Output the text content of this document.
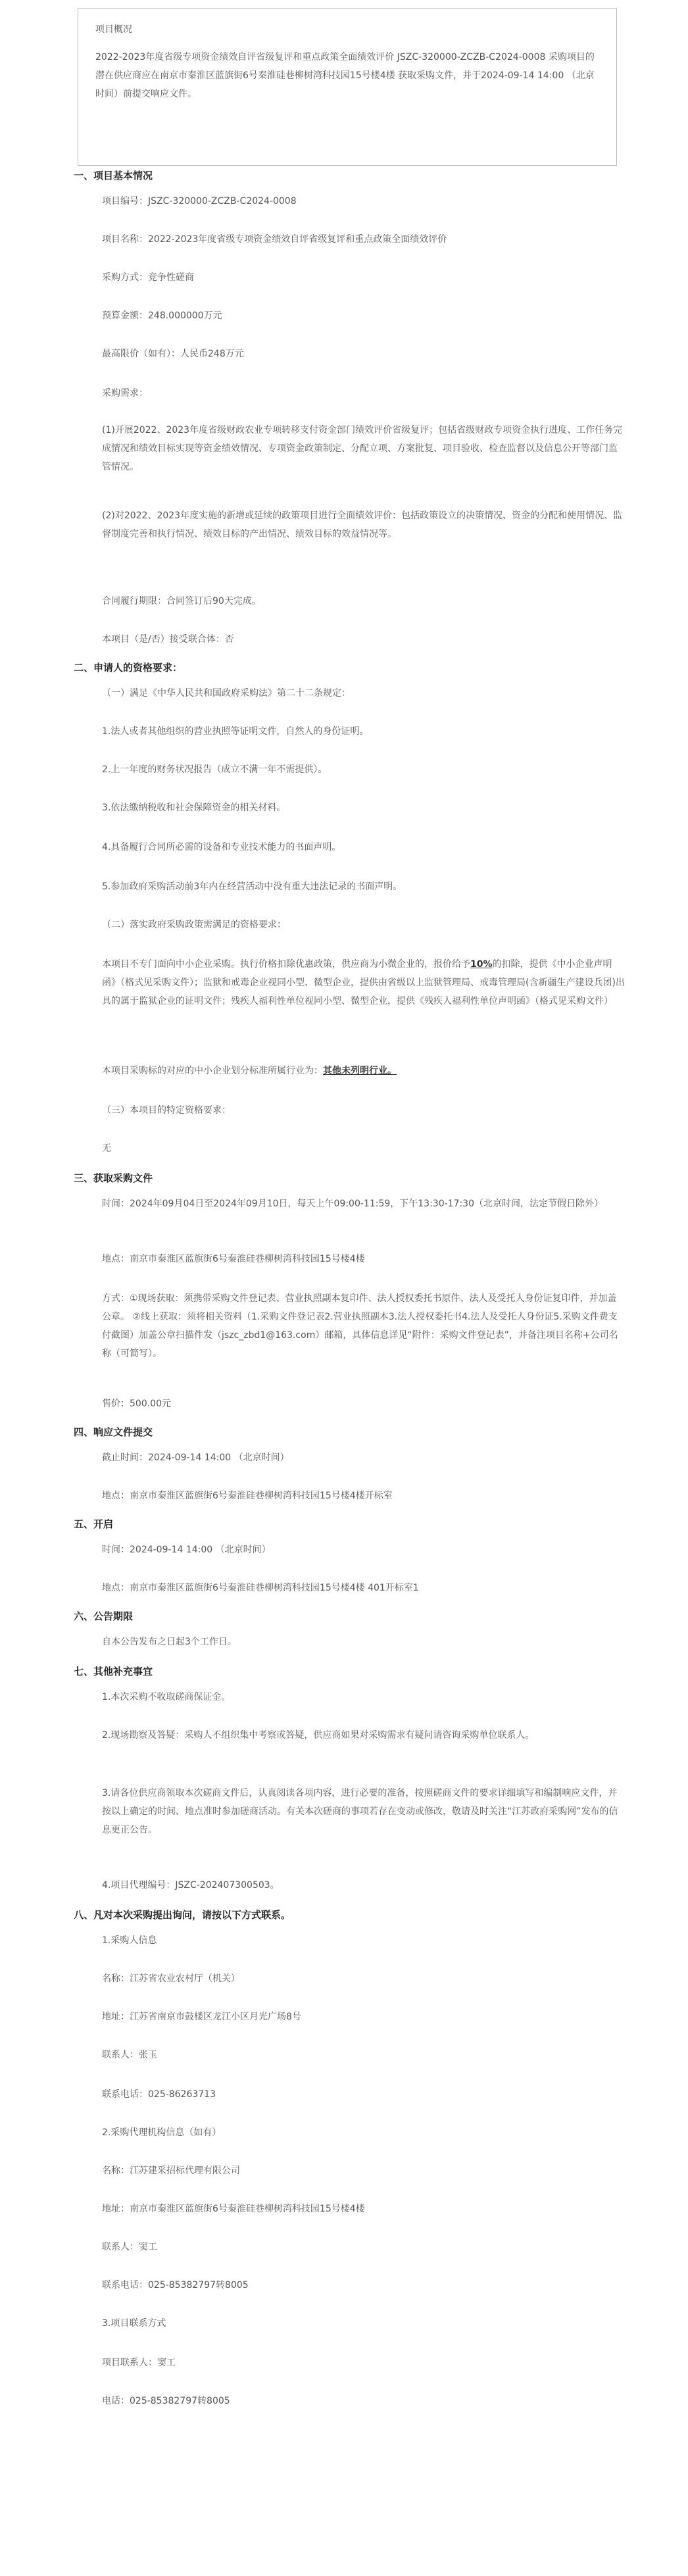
项目概况
2022-2023年度省级专项资金绩效自评省级复评和重点政策全面绩效评价 JSZC-320000-ZCZB-C2024-0008 采购项目的潜在供应商应在南京市秦淮区蓝旗街6号秦淮硅巷柳树湾科技园15号楼4楼 获取采购文件，并于2024-09-14 14:00 （北京时间）前提交响应文件。
一、项目基本情况
项目编号：JSZC-320000-ZCZB-C2024-0008
项目名称：2022-2023年度省级专项资金绩效自评省级复评和重点政策全面绩效评价
采购方式：竞争性磋商
预算金额：248.000000万元
最高限价（如有）：人民币248万元
采购需求：
(1)开展2022、2023年度省级财政农业专项转移支付资金部门绩效评价省级复评；包括省级财政专项资金执行进度、工作任务完成情况和绩效目标实现等资金绩效情况、专项资金政策制定、分配立项、方案批复、项目验收、检查监督以及信息公开等部门监管情况。
(2)对2022、2023年度实施的新增或延续的政策项目进行全面绩效评价：包括政策设立的决策情况、资金的分配和使用情况、监督制度完善和执行情况、绩效目标的产出情况、绩效目标的效益情况等。
合同履行期限：合同签订后90天完成。
本项目（是/否）接受联合体：否
二、申请人的资格要求：
（一）满足《中华人民共和国政府采购法》第二十二条规定：
1.法人或者其他组织的营业执照等证明文件，自然人的身份证明。
2.上一年度的财务状况报告（成立不满一年不需提供）。
3.依法缴纳税收和社会保障资金的相关材料。
4.具备履行合同所必需的设备和专业技术能力的书面声明。
5.参加政府采购活动前3年内在经营活动中没有重大违法记录的书面声明。
（二）落实政府采购政策需满足的资格要求：
本项目不专门面向中小企业采购。执行价格扣除优惠政策，供应商为小微企业的，报价给予10%的扣除，提供《中小企业声明函》（格式见采购文件）；监狱和戒毒企业视同小型、微型企业，提供由省级以上监狱管理局、戒毒管理局(含新疆生产建设兵团)出具的属于监狱企业的证明文件；残疾人福利性单位视同小型、微型企业，提供《残疾人福利性单位声明函》（格式见采购文件）
本项目采购标的对应的中小企业划分标准所属行业为：其他未列明行业。
（三）本项目的特定资格要求：
无
三、获取采购文件
时间：2024年09月04日至2024年09月10日，每天上午09:00-11:59，下午13:30-17:30（北京时间，法定节假日除外）
地点：南京市秦淮区蓝旗街6号秦淮硅巷柳树湾科技园15号楼4楼
方式：①现场获取：须携带采购文件登记表、营业执照副本复印件、法人授权委托书原件、法人及受托人身份证复印件，并加盖公章。 ②线上获取：须将相关资料（1.采购文件登记表2.营业执照副本3.法人授权委托书4.法人及受托人身份证5.采购文件费支付截图）加盖公章扫描件发（jszc_zbd1@163.com）邮箱，具体信息详见“附件：采购文件登记表”，并备注项目名称+公司名称（可简写）。
售价：500.00元
四、响应文件提交
截止时间：2024-09-14 14:00 （北京时间）
地点：南京市秦淮区蓝旗街6号秦淮硅巷柳树湾科技园15号楼4楼开标室
五、开启
时间：2024-09-14 14:00 （北京时间）
地点：南京市秦淮区蓝旗街6号秦淮硅巷柳树湾科技园15号楼4楼 401开标室1
六、公告期限
自本公告发布之日起3个工作日。
七、其他补充事宜
1.本次采购不收取磋商保证金。
2.现场勘察及答疑：采购人不组织集中考察或答疑，供应商如果对采购需求有疑问请咨询采购单位联系人。
3.请各位供应商领取本次磋商文件后，认真阅读各项内容，进行必要的准备，按照磋商文件的要求详细填写和编制响应文件，并按以上确定的时间、地点准时参加磋商活动。有关本次磋商的事项若存在变动或修改，敬请及时关注“江苏政府采购网”发布的信息更正公告。
4.项目代理编号：JSZC-202407300503。
八、凡对本次采购提出询问，请按以下方式联系。
1.采购人信息
名称：江苏省农业农村厅（机关）
地址：江苏省南京市鼓楼区龙江小区月光广场8号
联系人：张玉
联系电话：025-86263713
2.采购代理机构信息（如有）
名称：江苏建采招标代理有限公司
地址：南京市秦淮区蓝旗街6号秦淮硅巷柳树湾科技园15号楼4楼
联系人：窦工
联系电话：025-85382797转8005
3.项目联系方式
项目联系人：窦工
电话：025-85382797转8005
